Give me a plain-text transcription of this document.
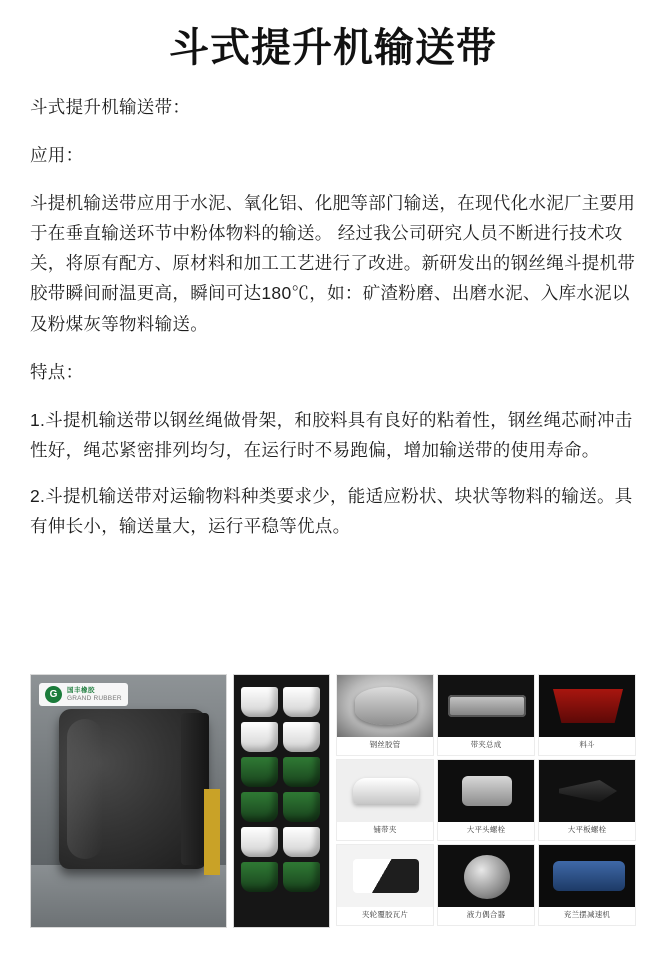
斗式提升机输送带

斗式提升机输送带：

应用：

斗提机输送带应用于水泥、氧化铝、化肥等部门输送，在现代化水泥厂主要用于在垂直输送环节中粉体物料的输送。 经过我公司研究人员不断进行技术攻关，将原有配方、原材料和加工工艺进行了改进。新研发出的钢丝绳斗提机带胶带瞬间耐温更高，瞬间可达180℃，如：矿渣粉磨、出磨水泥、入库水泥以及粉煤灰等物料输送。

特点：

1.斗提机输送带以钢丝绳做骨架，和胶料具有良好的粘着性，钢丝绳芯耐冲击性好，绳芯紧密排列均匀，在运行时不易跑偏，增加输送带的使用寿命。

2.斗提机输送带对运输物料种类要求少，能适应粉状、块状等物料的输送。具有伸长小，输送量大，运行平稳等优点。

G	国丰橡胶
GRAND RUBBER
钢丝胶管	带夹总成	料斗
铺带夹	大平头螺栓	大平板螺栓
夹轮覆胶瓦片	液力偶合器	兖兰摆减速机
